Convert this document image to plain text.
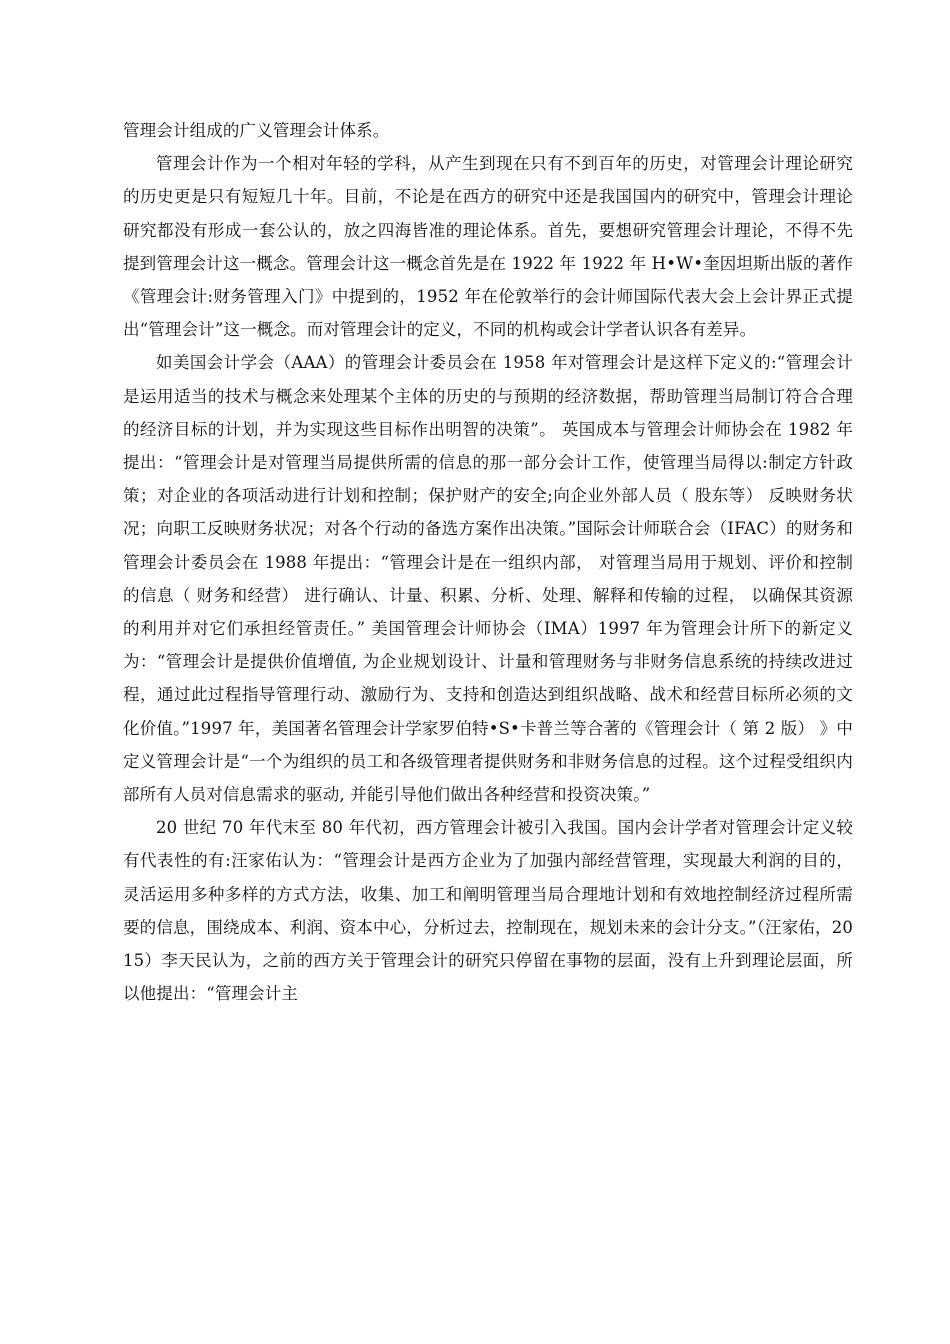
管理会计组成的广义管理会计体系。

管理会计作为一个相对年轻的学科，从产生到现在只有不到百年的历史，对管理会计理论研究的历史更是只有短短几十年。目前，不论是在西方的研究中还是我国国内的研究中，管理会计理论研究都没有形成一套公认的，放之四海皆准的理论体系。首先，要想研究管理会计理论，不得不先提到管理会计这一概念。管理会计这一概念首先是在 1922 年 1922 年 H•W•奎因坦斯出版的著作《管理会计:财务管理入门》中提到的，1952 年在伦敦举行的会计师国际代表大会上会计界正式提出“管理会计”这一概念。而对管理会计的定义，不同的机构或会计学者认识各有差异。

如美国会计学会（AAA）的管理会计委员会在 1958 年对管理会计是这样下定义的:“管理会计是运用适当的技术与概念来处理某个主体的历史的与预期的经济数据，帮助管理当局制订符合合理的经济目标的计划，并为实现这些目标作出明智的决策”。 英国成本与管理会计师协会在 1982 年提出：“管理会计是对管理当局提供所需的信息的那一部分会计工作，使管理当局得以:制定方针政策；对企业的各项活动进行计划和控制；保护财产的安全;向企业外部人员（ 股东等） 反映财务状况；向职工反映财务状况；对各个行动的备选方案作出决策。”国际会计师联合会（IFAC）的财务和管理会计委员会在 1988 年提出：“管理会计是在一组织内部， 对管理当局用于规划、评价和控制的信息（ 财务和经营） 进行确认、计量、积累、分析、处理、解释和传输的过程， 以确保其资源的利用并对它们承担经管责任。” 美国管理会计师协会（IMA）1997 年为管理会计所下的新定义为：“管理会计是提供价值增值, 为企业规划设计、计量和管理财务与非财务信息系统的持续改进过程，通过此过程指导管理行动、激励行为、支持和创造达到组织战略、战术和经营目标所必须的文化价值。”1997 年，美国著名管理会计学家罗伯特•S•卡普兰等合著的《管理会计（ 第 2 版） 》中定义管理会计是“一个为组织的员工和各级管理者提供财务和非财务信息的过程。这个过程受组织内部所有人员对信息需求的驱动, 并能引导他们做出各种经营和投资决策。”

20 世纪 70 年代末至 80 年代初，西方管理会计被引入我国。国内会计学者对管理会计定义较有代表性的有:汪家佑认为：“管理会计是西方企业为了加强内部经营管理，实现最大利润的目的，灵活运用多种多样的方式方法，收集、加工和阐明管理当局合理地计划和有效地控制经济过程所需要的信息，围绕成本、利润、资本中心，分析过去，控制现在，规划未来的会计分支。”（汪家佑，2015）李天民认为，之前的西方关于管理会计的研究只停留在事物的层面，没有上升到理论层面，所以他提出：“管理会计主
